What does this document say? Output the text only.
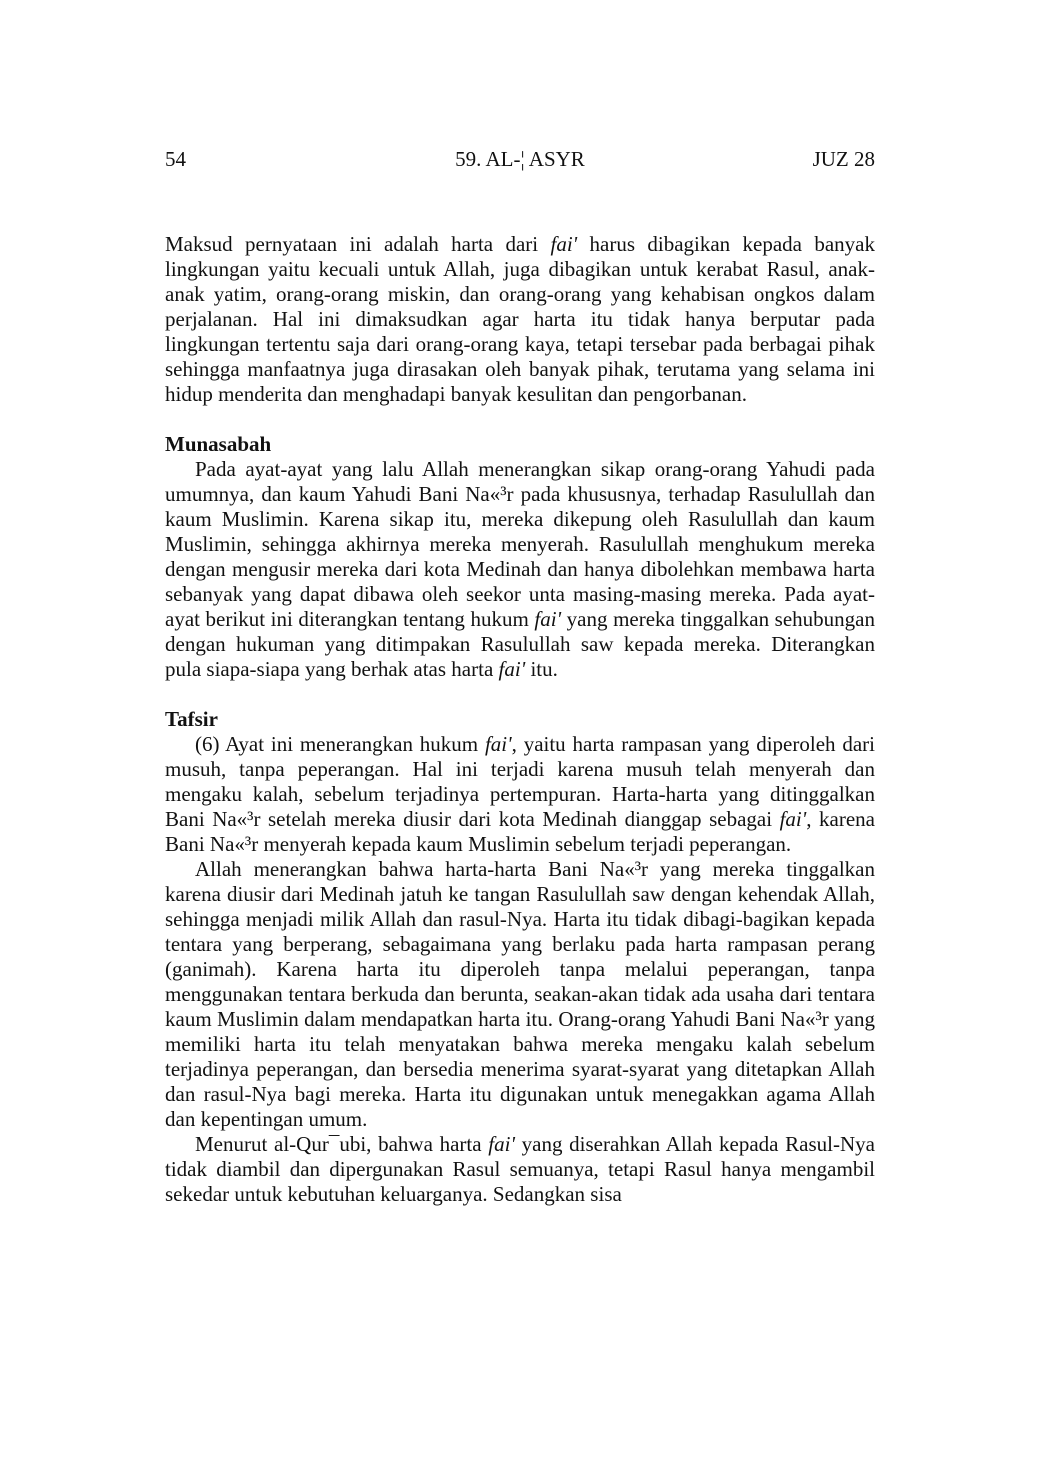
54	59. AL-¦ ASYR	JUZ 28

Maksud pernyataan ini adalah harta dari fai' harus dibagikan kepada banyak lingkungan yaitu kecuali untuk Allah, juga dibagikan untuk kerabat Rasul, anak-anak yatim, orang-orang miskin, dan orang-orang yang kehabisan ongkos dalam perjalanan. Hal ini dimaksudkan agar harta itu tidak hanya berputar pada lingkungan tertentu saja dari orang-orang kaya, tetapi tersebar pada berbagai pihak sehingga manfaatnya juga dirasakan oleh banyak pihak, terutama yang selama ini hidup menderita dan menghadapi banyak kesulitan dan pengorbanan.

Munasabah

Pada ayat-ayat yang lalu Allah menerangkan sikap orang-orang Yahudi pada umumnya, dan kaum Yahudi Bani Na«³r pada khususnya, terhadap Rasulullah dan kaum Muslimin. Karena sikap itu, mereka dikepung oleh Rasulullah dan kaum Muslimin, sehingga akhirnya mereka menyerah. Rasulullah menghukum mereka dengan mengusir mereka dari kota Medinah dan hanya dibolehkan membawa harta sebanyak yang dapat dibawa oleh seekor unta masing-masing mereka. Pada ayat-ayat berikut ini diterangkan tentang hukum fai' yang mereka tinggalkan sehubungan dengan hukuman yang ditimpakan Rasulullah saw kepada mereka. Diterangkan pula siapa-siapa yang berhak atas harta fai' itu.

Tafsir

(6) Ayat ini menerangkan hukum fai', yaitu harta rampasan yang diperoleh dari musuh, tanpa peperangan. Hal ini terjadi karena musuh telah menyerah dan mengaku kalah, sebelum terjadinya pertempuran. Harta-harta yang ditinggalkan Bani Na«³r setelah mereka diusir dari kota Medinah dianggap sebagai fai', karena Bani Na«³r menyerah kepada kaum Muslimin sebelum terjadi peperangan.

Allah menerangkan bahwa harta-harta Bani Na«³r yang mereka tinggalkan karena diusir dari Medinah jatuh ke tangan Rasulullah saw dengan kehendak Allah, sehingga menjadi milik Allah dan rasul-Nya. Harta itu tidak dibagi-bagikan kepada tentara yang berperang, sebagaimana yang berlaku pada harta rampasan perang (ganimah). Karena harta itu diperoleh tanpa melalui peperangan, tanpa menggunakan tentara berkuda dan berunta, seakan-akan tidak ada usaha dari tentara kaum Muslimin dalam mendapatkan harta itu. Orang-orang Yahudi Bani Na«³r yang memiliki harta itu telah menyatakan bahwa mereka mengaku kalah sebelum terjadinya peperangan, dan bersedia menerima syarat-syarat yang ditetapkan Allah dan rasul-Nya bagi mereka. Harta itu digunakan untuk menegakkan agama Allah dan kepentingan umum.

Menurut al-Qur¯ubi, bahwa harta fai' yang diserahkan Allah kepada Rasul-Nya tidak diambil dan dipergunakan Rasul semuanya, tetapi Rasul hanya mengambil sekedar untuk kebutuhan keluarganya. Sedangkan sisa
